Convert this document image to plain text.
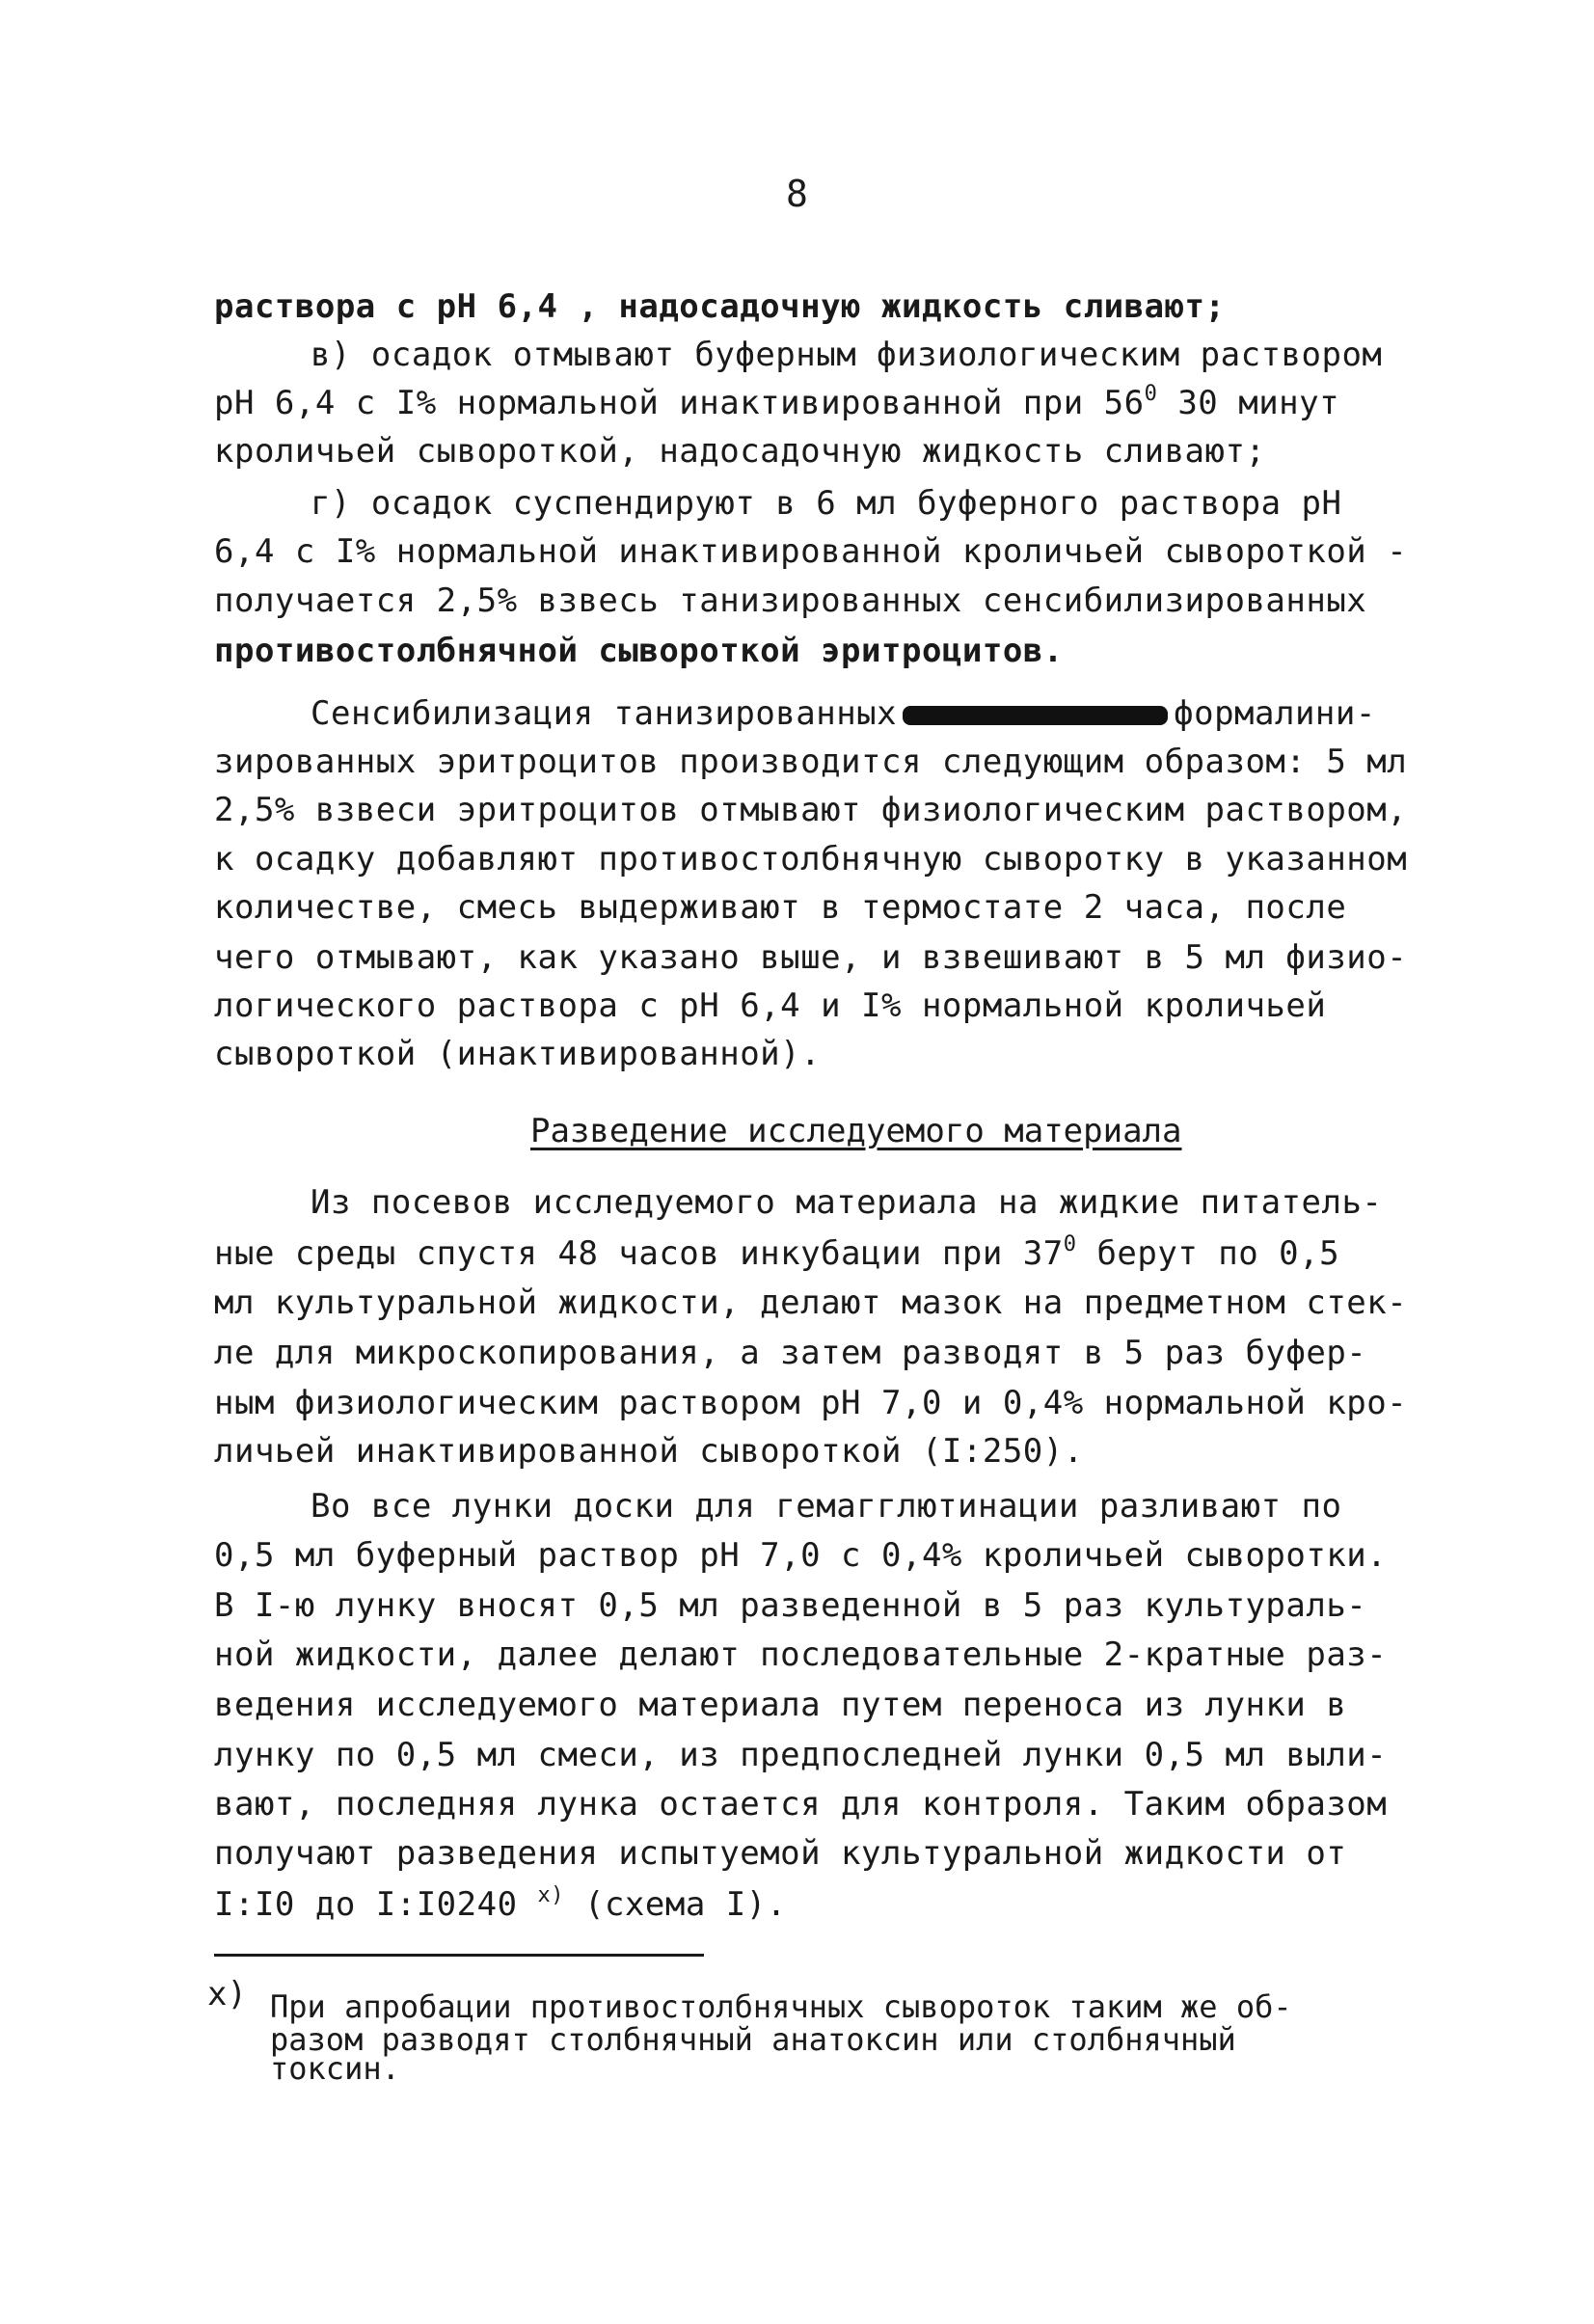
8
раствора с рН 6,4 , надосадочную жидкость сливают;
в) осадок отмывают буферным физиологическим раствором
рН 6,4 с I% нормальной инактивированной при $56^0$ 30 минут
кроличьей сывороткой, надосадочную жидкость сливают;
г) осадок суспендируют в 6 мл буферного раствора рН
6,4 с I% нормальной инактивированной кроличьей сывороткой -
получается 2,5% взвесь танизированных сенсибилизированных
противостолбнячной сывороткой эритроцитов.
Сенсибилизация танизированных	формалини-
зированных эритроцитов производится следующим образом: 5 мл
2,5% взвеси эритроцитов отмывают физиологическим раствором,
к осадку добавляют противостолбнячную сыворотку в указанном
количестве, смесь выдерживают в термостате 2 часа, после
чего отмывают, как указано выше, и взвешивают в 5 мл физио-
логического раствора с рН 6,4 и I% нормальной кроличьей
сывороткой (инактивированной).
Разведение исследуемого материала
Из посевов исследуемого материала на жидкие питатель-
ные среды спустя 48 часов инкубации при $37^0$ берут по 0,5
мл культуральной жидкости, делают мазок на предметном стек-
ле для микроскопирования, а затем разводят в 5 раз буфер-
ным физиологическим раствором рН 7,0 и 0,4% нормальной кро-
личьей инактивированной сывороткой (I:250).
Во все лунки доски для гемагглютинации разливают по
0,5 мл буферный раствор рН 7,0 с 0,4% кроличьей сыворотки.
В I-ю лунку вносят 0,5 мл разведенной в 5 раз культураль-
ной жидкости, далее делают последовательные 2-кратные раз-
ведения исследуемого материала путем переноса из лунки в
лунку по 0,5 мл смеси, из предпоследней лунки 0,5 мл выли-
вают, последняя лунка остается для контроля. Таким образом
получают разведения испытуемой культуральной жидкости от
I:I0 до I:I0240 $^{x)}$ (схема I).
x) При апробации противостолбнячных сывороток таким же об-
разом разводят столбнячный анатоксин или столбнячный
токсин.
